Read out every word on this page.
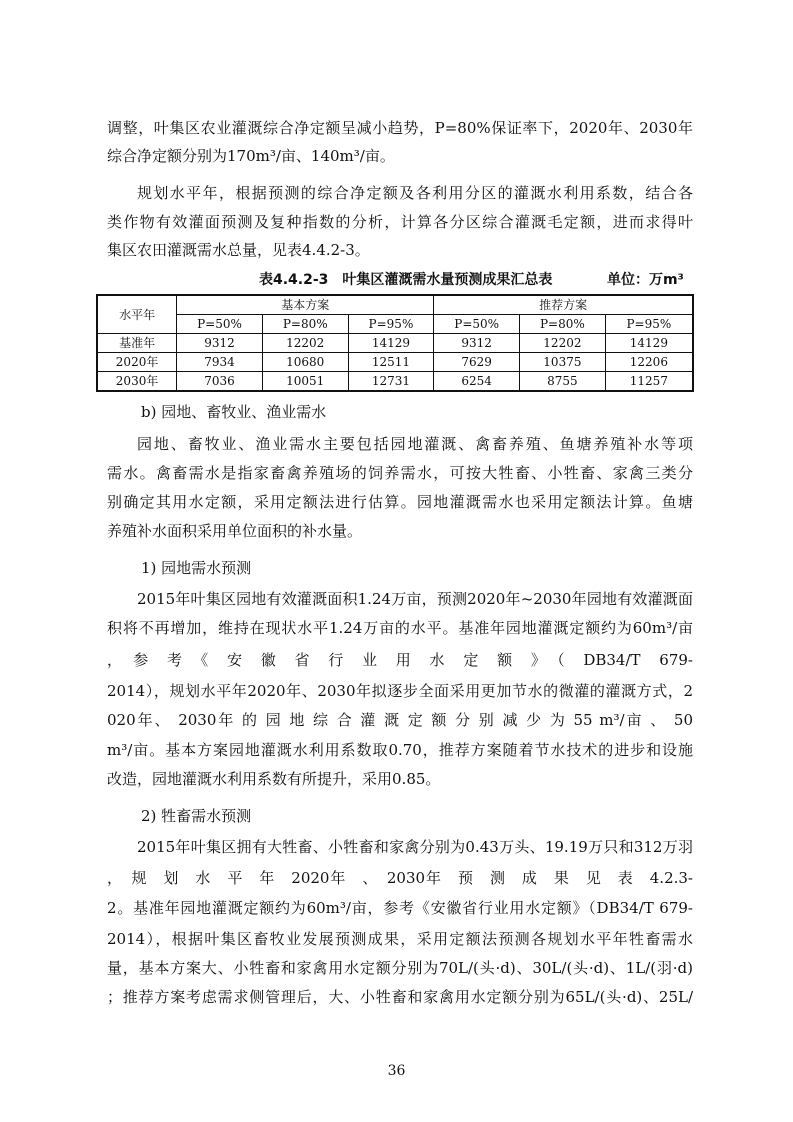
调整，叶集区农业灌溉综合净定额呈减小趋势，P=80%保证率下，2020年、2030年
综合净定额分别为170m³/亩、140m³/亩。
规划水平年，根据预测的综合净定额及各利用分区的灌溉水利用系数，结合各
类作物有效灌面预测及复种指数的分析，计算各分区综合灌溉毛定额，进而求得叶
集区农田灌溉需水总量，见表4.4.2-3。
表4.4.2-3　叶集区灌溉需水量预测成果汇总表	单位：万m³
水平年	基本方案			推荐方案		
	P=50%	P=80%	P=95%	P=50%	P=80%	P=95%
基准年	9312	12202	14129	9312	12202	14129
2020年	7934	10680	12511	7629	10375	12206
2030年	7036	10051	12731	6254	8755	11257
b) 园地、畜牧业、渔业需水
园地、畜牧业、渔业需水主要包括园地灌溉、禽畜养殖、鱼塘养殖补水等项
需水。禽畜需水是指家畜禽养殖场的饲养需水，可按大牲畜、小牲畜、家禽三类分
别确定其用水定额，采用定额法进行估算。园地灌溉需水也采用定额法计算。鱼塘
养殖补水面积采用单位面积的补水量。
1) 园地需水预测
2015年叶集区园地有效灌溉面积1.24万亩，预测2020年~2030年园地有效灌溉面
积将不再增加，维持在现状水平1.24万亩的水平。基准年园地灌溉定额约为60m³/亩
，　参　考　《　安　徽　省　行　业　用　水　定　额　》　（　DB34/T　679-
2014），规划水平年2020年、2030年拟逐步全面采用更加节水的微灌的灌溉方式，2
020年、 2030年 的 园 地 综 合 灌 溉 定 额 分 别 减 少 为 55 m³/亩 、 50
m³/亩。基本方案园地灌溉水利用系数取0.70，推荐方案随着节水技术的进步和设施
改造，园地灌溉水利用系数有所提升，采用0.85。
2) 牲畜需水预测
2015年叶集区拥有大牲畜、小牲畜和家禽分别为0.43万头、19.19万只和312万羽
，　规　划　水　平　年　2020年　、　2030年　预　测　成　果　见　表　4.2.3-
2。基准年园地灌溉定额约为60m³/亩，参考《安徽省行业用水定额》（DB34/T 679-
2014），根据叶集区畜牧业发展预测成果，采用定额法预测各规划水平年牲畜需水
量，基本方案大、小牲畜和家禽用水定额分别为70L/(头·d)、30L/(头·d)、1L/(羽·d)
；推荐方案考虑需求侧管理后，大、小牲畜和家禽用水定额分别为65L/(头·d)、25L/
36
